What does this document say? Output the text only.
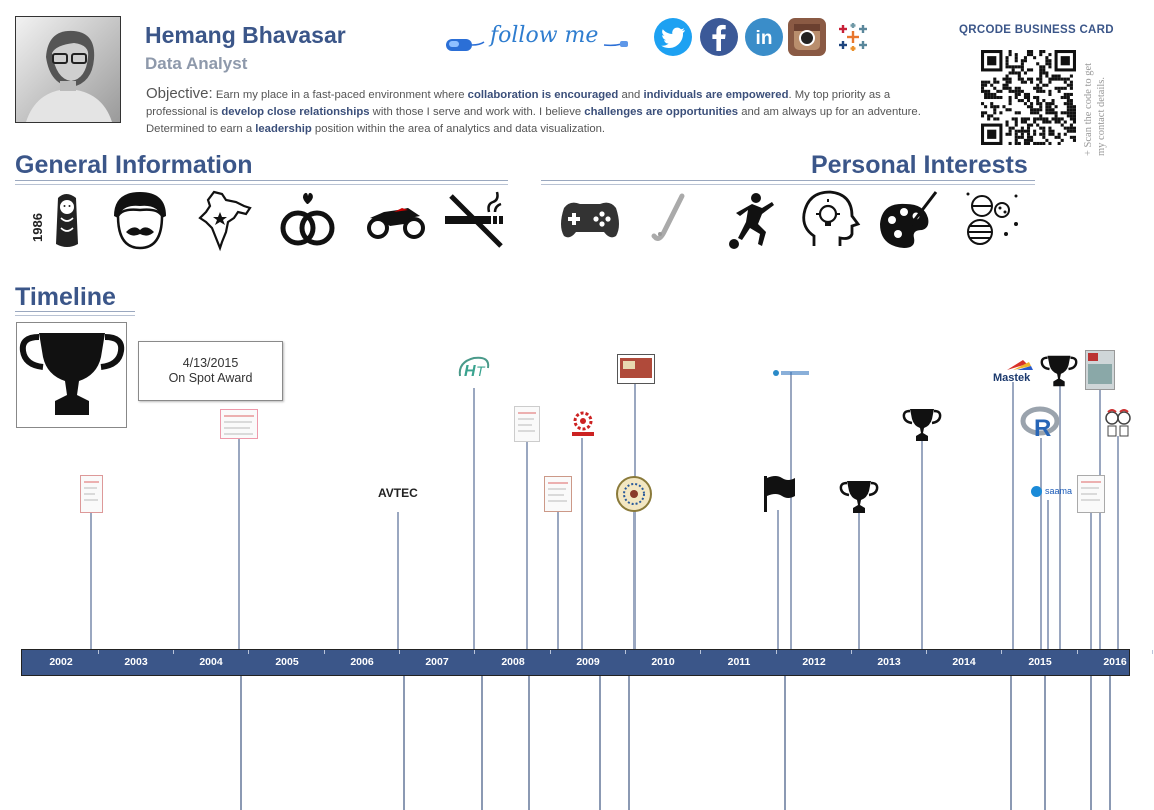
Hemang Bhavasar
Data Analyst
Objective: Earn my place in a fast-paced environment where collaboration is encouraged and individuals are empowered. My top priority as a professional is develop close relationships with those I serve and work with. I believe challenges are opportunities and am always up for an adventure. Determined to earn a leadership position within the area of analytics and data visualization.
follow me	in	QRCODE BUSINESS CARD
+ Scan the code to get my contact details.
General Information	Personal Interests
1986
Timeline
4/13/2015
On Spot Award
AVTEC
H T	Mastek
R
saama
2002	2003	2004	2005	2006	2007	2008	2009	2010	2011	2012	2013	2014	2015	2016
